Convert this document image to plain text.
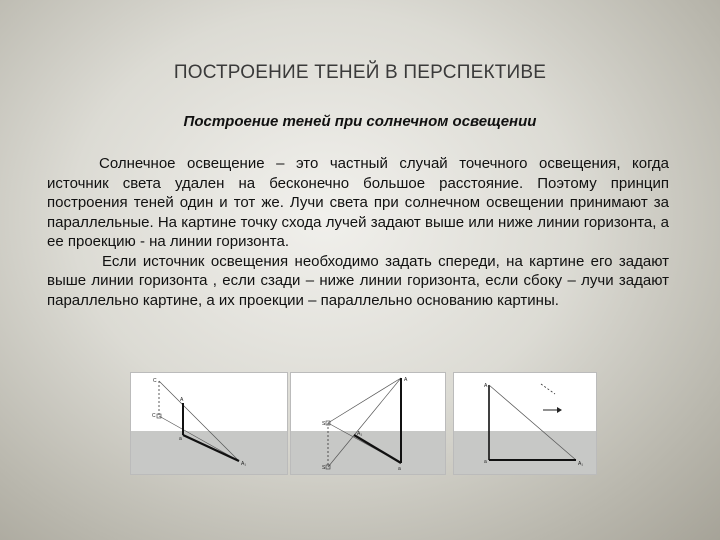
ПОСТРОЕНИЕ ТЕНЕЙ В ПЕРСПЕКТИВЕ
Построение теней при солнечном освещении

Солнечное освещение – это частный случай точечного освещения, когда источник света удален на бесконечно большое расстояние. Поэтому принцип построения теней один и тот же. Лучи света при солнечном освещении принимают за параллельные. На картине точку схода лучей задают выше или ниже линии горизонта, а ее проекцию - на линии горизонта.

Если источник освещения необходимо задать спереди, на картине его задают выше линии горизонта , если сзади – ниже линии горизонта, если сбоку – лучи задают параллельно картине, а их проекции – параллельно основанию картины.

C
A
C
a
A₁
A
S
A₁
S	a
A
a	A₁
